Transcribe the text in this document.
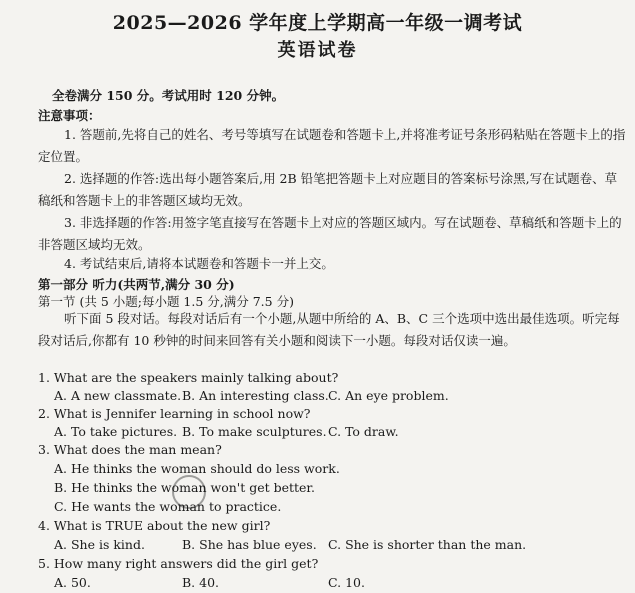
2025—2026 学年度上学期高一年级一调考试
英语试卷
全卷满分 150 分。考试用时 120 分钟。
注意事项：
1. 答题前,先将自己的姓名、考号等填写在试题卷和答题卡上,并将准考证号条形码粘贴在答题卡上的指定位置。
2. 选择题的作答:选出每小题答案后,用 2B 铅笔把答题卡上对应题目的答案标号涂黑,写在试题卷、草稿纸和答题卡上的非答题区域均无效。
3. 非选择题的作答:用签字笔直接写在答题卡上对应的答题区域内。写在试题卷、草稿纸和答题卡上的非答题区域均无效。
4. 考试结束后,请将本试题卷和答题卡一并上交。
第一部分 听力(共两节,满分 30 分)
第一节 (共 5 小题;每小题 1.5 分,满分 7.5 分)
听下面 5 段对话。每段对话后有一个小题,从题中所给的 A、B、C 三个选项中选出最佳选项。听完每段对话后,你都有 10 秒钟的时间来回答有关小题和阅读下一小题。每段对话仅读一遍。
1. What are the speakers mainly talking about?
A. A new classmate.B. An interesting class.C. An eye problem.
2. What is Jennifer learning in school now?
A. To take pictures. B. To make sculptures.C. To draw.
3. What does the man mean?
A. He thinks the woman should do less work.
B. He thinks the woman won't get better.
C. He wants the woman to practice.
4. What is TRUE about the new girl?
A. She is kind.	B. She has blue eyes. C. She is shorter than the man.
5. How many right answers did the girl get?
A. 50.	B. 40.	C. 10.
